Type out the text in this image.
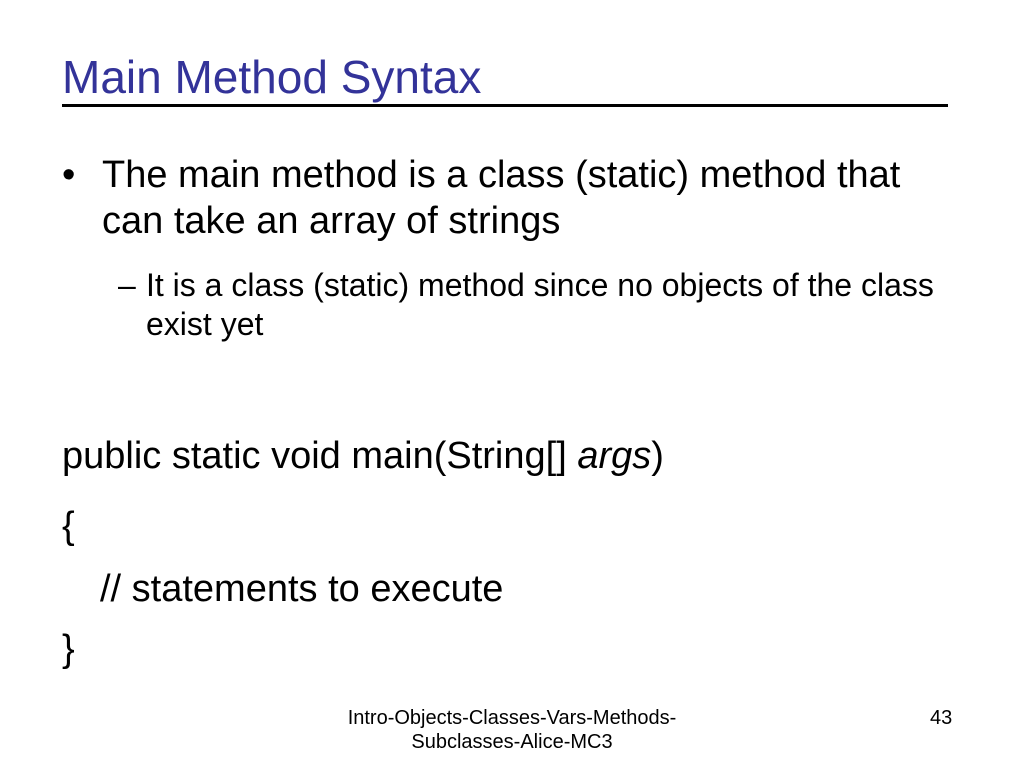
Main Method Syntax
• The main method is a class (static) method that can take an array of strings
– It is a class (static) method since no objects of the class exist yet
public static void main(String[] args)
{
// statements to execute
}
Intro-Objects-Classes-Vars-Methods-
Subclasses-Alice-MC3
43
